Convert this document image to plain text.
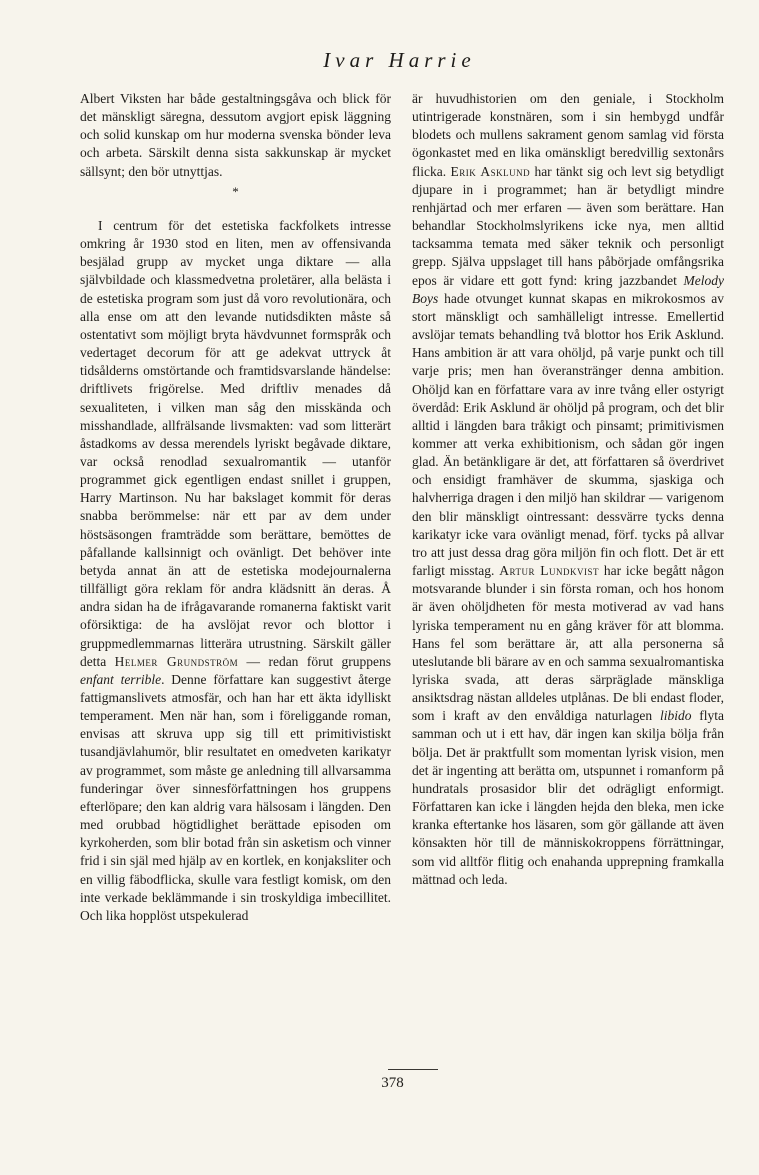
Ivar Harrie

Albert Viksten har både gestaltningsgåva och blick för det mänskligt säregna, dessutom avgjort episk läggning och solid kunskap om hur moderna svenska bönder leva och arbeta. Särskilt denna sista sakkunskap är mycket sällsynt; den bör utnyttjas.

*

I centrum för det estetiska fackfolkets intresse omkring år 1930 stod en liten, men av offensivanda besjälad grupp av mycket unga diktare — alla självbildade och klassmedvetna proletärer, alla belästa i de estetiska program som just då voro revolutionära, och alla ense om att den levande nutidsdikten måste så ostentativt som möjligt bryta hävdvunnet formspråk och vedertaget decorum för att ge adekvat uttryck åt tidsålderns omstörtande och framtidsvarslande händelse: driftlivets frigörelse. Med driftliv menades då sexualiteten, i vilken man såg den misskända och misshandlade, allfrälsande livsmakten: vad som litterärt åstadkoms av dessa merendels lyriskt begåvade diktare, var också renodlad sexualromantik — utanför programmet gick egentligen endast snillet i gruppen, Harry Martinson. Nu har bakslaget kommit för deras snabba berömmelse: när ett par av dem under höstsäsongen framträdde som berättare, bemöttes de påfallande kallsinnigt och ovänligt. Det behöver inte betyda annat än att de estetiska modejournalerna tillfälligt göra reklam för andra klädsnitt än deras. Å andra sidan ha de ifrågavarande romanerna faktiskt varit oförsiktiga: de ha avslöjat revor och blottor i gruppmedlemmarnas litterära utrustning. Särskilt gäller detta Helmer Grundström — redan förut gruppens enfant terrible. Denne författare kan suggestivt återge fattigmanslivets atmosfär, och han har ett äkta idylliskt temperament. Men när han, som i föreliggande roman, envisas att skruva upp sig till ett primitivistiskt tusandjävlahumör, blir resultatet en omedveten karikatyr av programmet, som måste ge anledning till allvarsamma funderingar över sinnesförfattningen hos gruppens efterlöpare; den kan aldrig vara hälsosam i längden. Den med orubbad högtidlighet berättade episoden om kyrkoherden, som blir botad från sin asketism och vinner frid i sin själ med hjälp av en kortlek, en konjaksliter och en villig fäbodflicka, skulle vara festligt komisk, om den inte verkade beklämmande i sin troskyldiga imbecillitet. Och lika hopplöst utspekulerad

är huvudhistorien om den geniale, i Stockholm utintrigerade konstnären, som i sin hembygd undfår blodets och mullens sakrament genom samlag vid första ögonkastet med en lika omänskligt beredvillig sextonårs flicka. Erik Asklund har tänkt sig och levt sig betydligt djupare in i programmet; han är betydligt mindre renhjärtad och mer erfaren — även som berättare. Han behandlar Stockholmslyrikens icke nya, men alltid tacksamma temata med säker teknik och personligt grepp. Själva uppslaget till hans påbörjade omfångsrika epos är vidare ett gott fynd: kring jazzbandet Melody Boys hade otvunget kunnat skapas en mikrokosmos av stort mänskligt och samhälleligt intresse. Emellertid avslöjar temats behandling två blottor hos Erik Asklund. Hans ambition är att vara ohöljd, på varje punkt och till varje pris; men han överanstränger denna ambition. Ohöljd kan en författare vara av inre tvång eller ostyrigt överdåd: Erik Asklund är ohöljd på program, och det blir alltid i längden bara tråkigt och pinsamt; primitivismen kommer att verka exhibitionism, och sådan gör ingen glad. Än betänkligare är det, att författaren så överdrivet och ensidigt framhäver de skumma, sjaskiga och halvherriga dragen i den miljö han skildrar — varigenom den blir mänskligt ointressant: dessvärre tycks denna karikatyr icke vara ovänligt menad, förf. tycks på allvar tro att just dessa drag göra miljön fin och flott. Det är ett farligt misstag. Artur Lundkvist har icke begått någon motsvarande blunder i sin första roman, och hos honom är även ohöljdheten för mesta motiverad av vad hans lyriska temperament nu en gång kräver för att blomma. Hans fel som berättare är, att alla personerna så uteslutande bli bärare av en och samma sexualromantiska lyriska svada, att deras särpräglade mänskliga ansiktsdrag nästan alldeles utplånas. De bli endast floder, som i kraft av den envåldiga naturlagen libido flyta samman och ut i ett hav, där ingen kan skilja bölja från bölja. Det är praktfullt som momentan lyrisk vision, men det är ingenting att berätta om, utspunnet i romanform på hundratals prosasidor blir det odrägligt enformigt. Författaren kan icke i längden hejda den bleka, men icke kranka eftertanke hos läsaren, som gör gällande att även könsakten hör till de människokroppens förrättningar, som vid alltför flitig och enahanda upprepning framkalla mättnad och leda.

378
